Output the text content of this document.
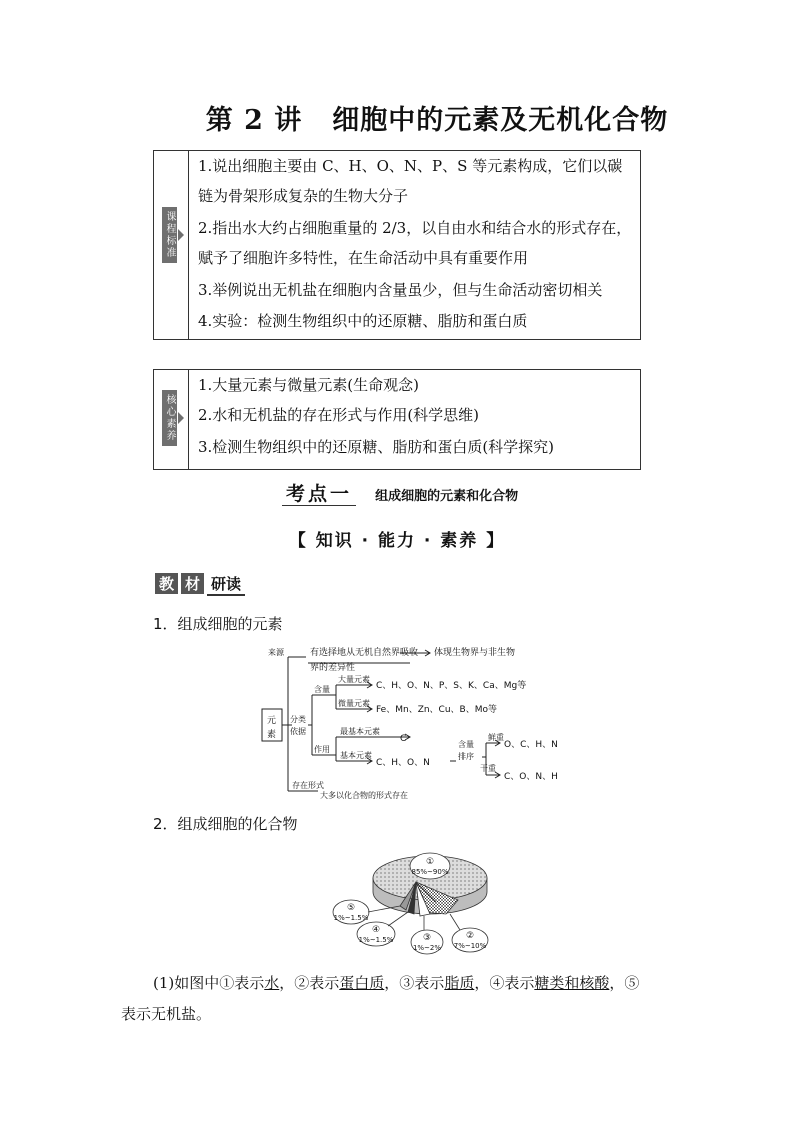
第 2 讲 细胞中的元素及无机化合物
课程标准
1.说出细胞主要由 C、H、O、N、P、S 等元素构成，它们以碳
链为骨架形成复杂的生物大分子
2.指出水大约占细胞重量的 2/3，以自由水和结合水的形式存在，
赋予了细胞许多特性，在生命活动中具有重要作用
3.举例说出无机盐在细胞内含量虽少，但与生命活动密切相关
4.实验：检测生物组织中的还原糖、脂肪和蛋白质
核心素养
1.大量元素与微量元素(生命观念)
2.水和无机盐的存在形式与作用(科学思维)
3.检测生物组织中的还原糖、脂肪和蛋白质(科学探究)
考点一 组成细胞的元素和化合物
【 知识 · 能力 · 素养 】
教 材 研读
1．组成细胞的元素
元
素
来源	有选择地从无机自然界吸收 体现生物界与非生物
界的差异性
分类
依据
含量
大量元素
C、H、O、N、P、S、K、Ca、Mg等
微量元素
Fe、Mn、Zn、Cu、B、Mo等
作用
最基本元素
C
基本元素
C、H、O、N
含量
排序
鲜重
O、C、H、N
干重
C、O、N、H
存在形式
大多以化合物的形式存在
2．组成细胞的化合物
①
85%~90%
⑤
1%~1.5%
④
1%~1.5%	③
1%~2%
②
7%~10%
(1)如图中①表示水，②表示蛋白质，③表示脂质，④表示糖类和核酸，⑤
表示无机盐。
